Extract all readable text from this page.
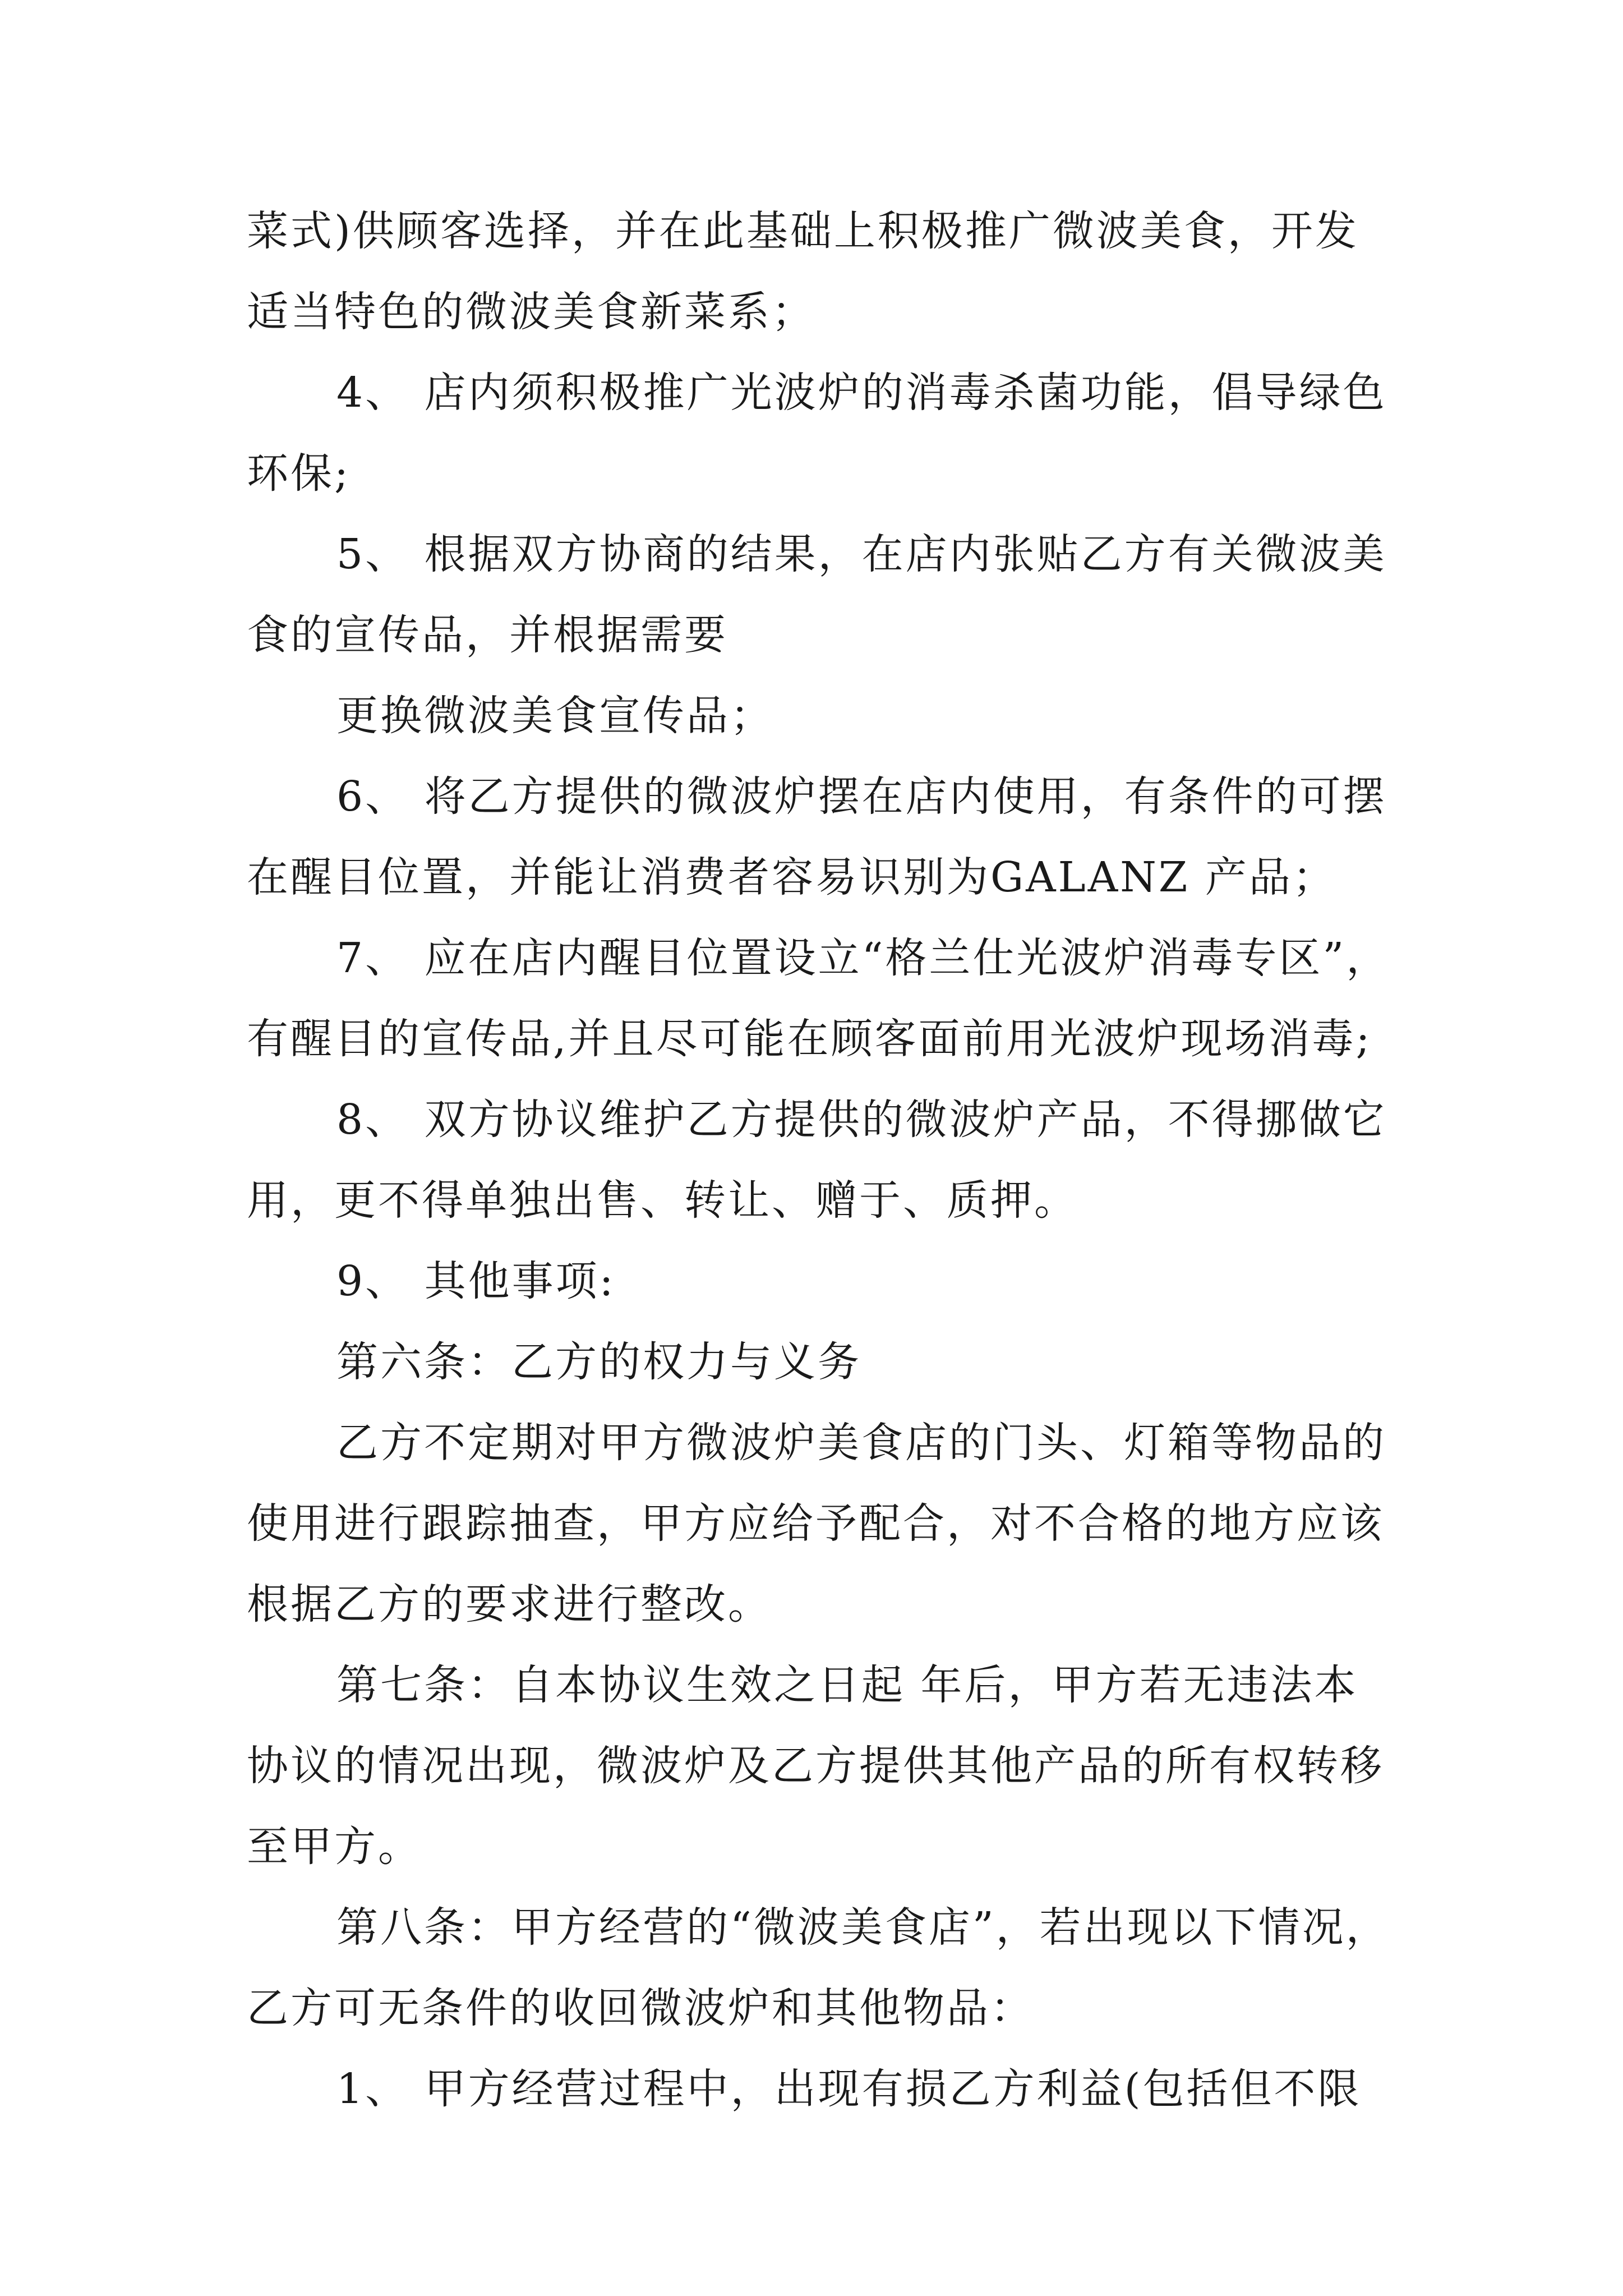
菜式)供顾客选择，并在此基础上积极推广微波美食，开发
适当特色的微波美食新菜系；
4、 店内须积极推广光波炉的消毒杀菌功能，倡导绿色
环保;
5、 根据双方协商的结果，在店内张贴乙方有关微波美
食的宣传品，并根据需要
更换微波美食宣传品；
6、 将乙方提供的微波炉摆在店内使用，有条件的可摆
在醒目位置，并能让消费者容易识别为GALANZ 产品；
7、 应在店内醒目位置设立“格兰仕光波炉消毒专区”，
有醒目的宣传品,并且尽可能在顾客面前用光波炉现场消毒;
8、 双方协议维护乙方提供的微波炉产品，不得挪做它
用，更不得单独出售、转让、赠于、质押。
9、 其他事项:
第六条：乙方的权力与义务
乙方不定期对甲方微波炉美食店的门头、灯箱等物品的
使用进行跟踪抽查，甲方应给予配合，对不合格的地方应该
根据乙方的要求进行整改。
第七条：自本协议生效之日起 年后，甲方若无违法本
协议的情况出现，微波炉及乙方提供其他产品的所有权转移
至甲方。
第八条：甲方经营的“微波美食店”，若出现以下情况，
乙方可无条件的收回微波炉和其他物品：
1、 甲方经营过程中，出现有损乙方利益(包括但不限
